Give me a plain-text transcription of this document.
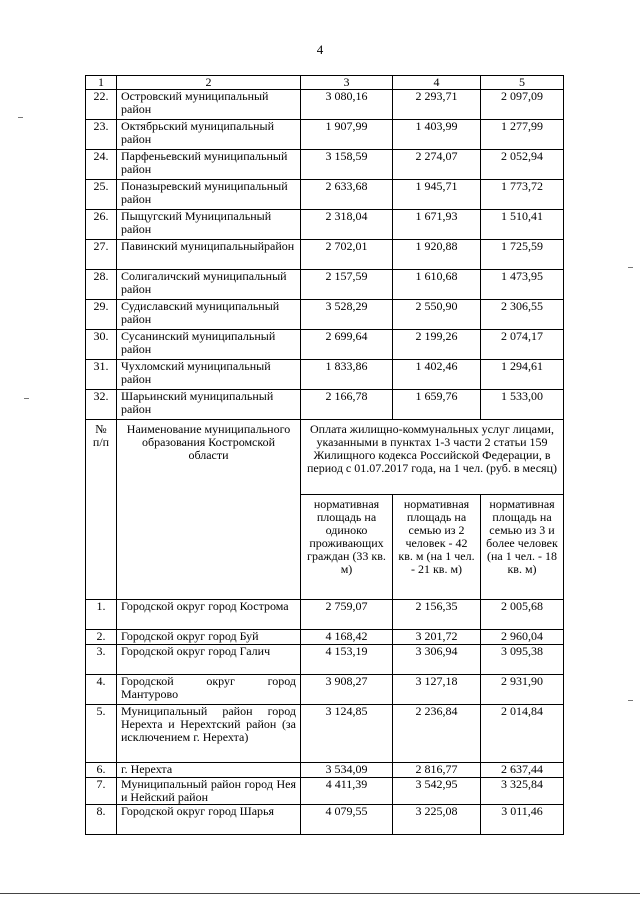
4
1	2	3	4	5
22.	Островский муниципальный район	3 080,16	2 293,71	2 097,09
23.	Октябрьский муниципальный район	1 907,99	1 403,99	1 277,99
24.	Парфеньевский муниципальный район	3 158,59	2 274,07	2 052,94
25.	Поназыревский муниципальный район	2 633,68	1 945,71	1 773,72
26.	Пыщугский Муниципальный район	2 318,04	1 671,93	1 510,41
27.	Павинский муниципальныйрайон	2 702,01	1 920,88	1 725,59
28.	Солигаличский муниципальный район	2 157,59	1 610,68	1 473,95
29.	Судиславский муниципальный район	3 528,29	2 550,90	2 306,55
30.	Сусанинский муниципальный район	2 699,64	2 199,26	2 074,17
31.	Чухломский муниципальный район	1 833,86	1 402,46	1 294,61
32.	Шарьинский муниципальный район	2 166,78	1 659,76	1 533,00
№ п/п	Наименование муниципального образования Костромской области	Оплата жилищно-коммунальных услуг лицами, указанными в пунктах 1-3 части 2 статьи 159 Жилищного кодекса Российской Федерации, в период с 01.07.2017 года, на 1 чел. (руб. в месяц)		
		нормативная площадь на одиноко проживающих граждан (33 кв. м)	нормативная площадь на семью из 2 человек - 42 кв. м (на 1 чел. - 21 кв. м)	нормативная площадь на семью из 3 и более человек (на 1 чел. - 18 кв. м)
1.	Городской округ город Кострома	2 759,07	2 156,35	2 005,68
2.	Городской округ город Буй	4 168,42	3 201,72	2 960,04
3.	Городской округ город Галич	4 153,19	3 306,94	3 095,38
4.	Городской округ город Мантурово	3 908,27	3 127,18	2 931,90
5.	Муниципальный район город Нерехта и Нерехтский район (за исключением г. Нерехта)	3 124,85	2 236,84	2 014,84
6.	г. Нерехта	3 534,09	2 816,77	2 637,44
7.	Муниципальный район город Нея и Нейский район	4 411,39	3 542,95	3 325,84
8.	Городской округ город Шарья	4 079,55	3 225,08	3 011,46
